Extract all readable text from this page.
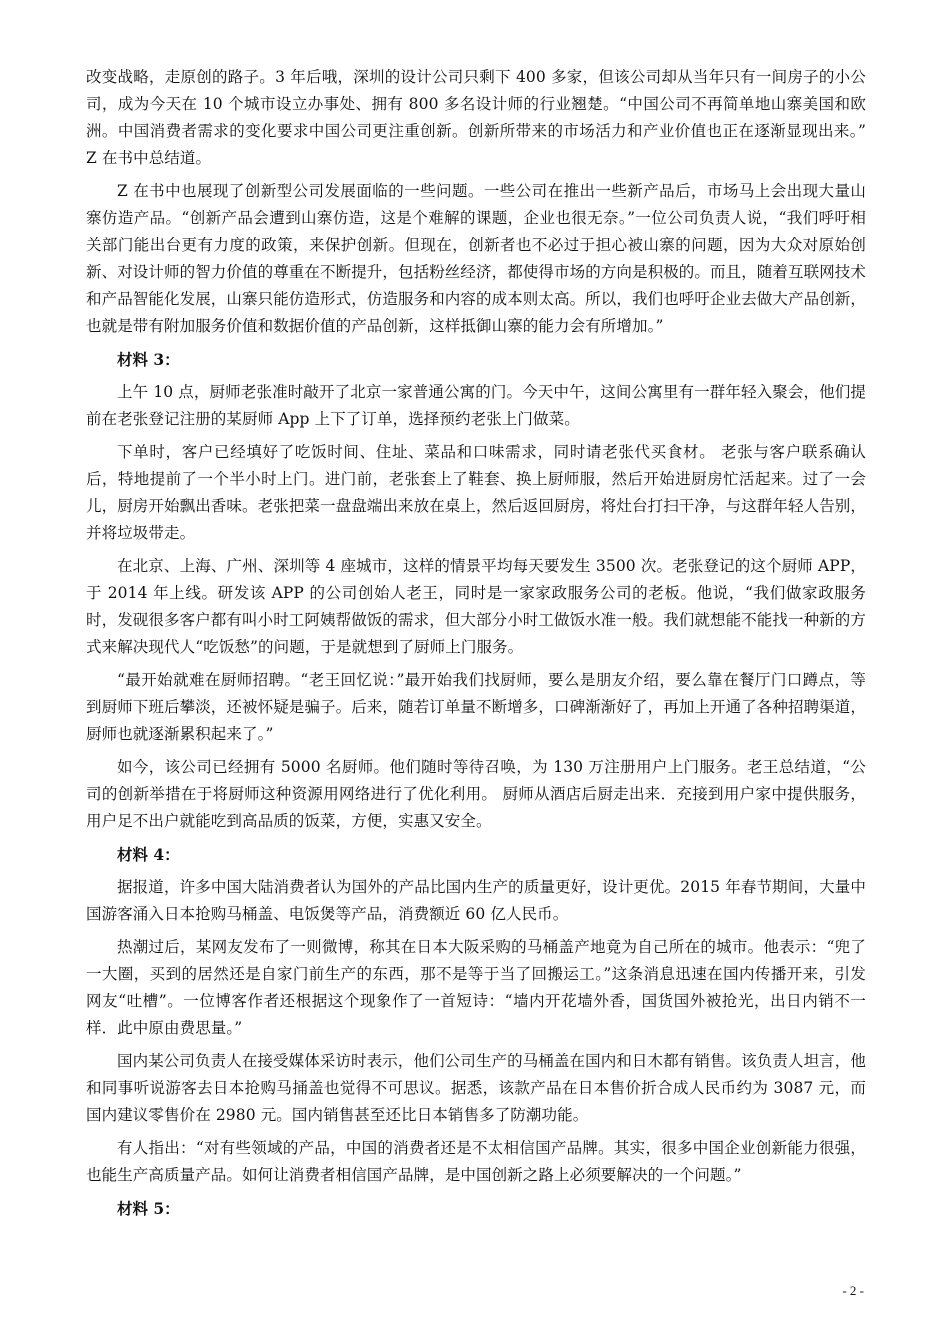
改变战略，走原创的路子。3 年后哦，深圳的设计公司只剩下 400 多家，但该公司却从当年只有一间房子的小公司，成为今天在 10 个城市设立办事处、拥有 800 多名设计师的行业翘楚。“中国公司不再简单地山寨美国和欧洲。中国消费者需求的变化要求中国公司更注重创新。创新所带来的市场活力和产业价值也正在逐渐显现出来。” Z 在书中总结道。

Z 在书中也展现了创新型公司发展面临的一些问题。一些公司在推出一些新产品后，市场马上会出现大量山寨仿造产品。“创新产品会遭到山寨仿造，这是个难解的课题，企业也很无奈。”一位公司负责人说，“我们呼吁相关部门能出台更有力度的政策，来保护创新。但现在，创新者也不必过于担心被山寨的问题，因为大众对原始创新、对设计师的智力价值的尊重在不断提升，包括粉丝经济，都使得市场的方向是积极的。而且，随着互联网技术和产品智能化发展，山寨只能仿造形式，仿造服务和内容的成本则太高。所以，我们也呼吁企业去做大产品创新，也就是带有附加服务价值和数据价值的产品创新，这样抵御山寨的能力会有所增加。”

材料 3：

上午 10 点，厨师老张准时敲开了北京一家普通公寓的门。今天中午，这间公寓里有一群年轻入聚会，他们提前在老张登记注册的某厨师 App 上下了订单，选择预约老张上门做菜。

下单时，客户已经填好了吃饭时间、住址、菜品和口味需求，同时请老张代买食材。 老张与客户联系确认后，特地提前了一个半小时上门。进门前，老张套上了鞋套、换上厨师服，然后开始进厨房忙活起来。过了一会儿，厨房开始飘出香味。老张把菜一盘盘端出来放在桌上，然后返回厨房，将灶台打扫干净，与这群年轻人告别，并将垃圾带走。

在北京、上海、广州、深圳等 4 座城市，这样的情景平均每天要发生 3500 次。老张登记的这个厨师 APP，于 2014 年上线。研发该 APP 的公司创始人老王，同时是一家家政服务公司的老板。他说，“我们做家政服务时，发砚很多客户都有叫小时工阿姨帮做饭的需求，但大部分小时工做饭水准一般。我们就想能不能找一种新的方式来解决现代人“吃饭愁”的问题，于是就想到了厨师上门服务。

“最开始就难在厨师招聘。“老王回忆说：”最开始我们找厨师，要么是朋友介绍，要么靠在餐厅门口蹲点，等到厨师下班后攀淡，还被怀疑是骗子。后来，随若订单量不断增多，口碑渐渐好了，再加上开通了各种招聘渠道，厨师也就逐渐累积起来了。”

如今，该公司已经拥有 5000 名厨师。他们随时等待召唤，为 130 万注册用户上门服务。老王总结道，“公司的创新举措在于将厨师这种资源用网络进行了优化利用。 厨师从酒店后厨走出来．充接到用户家中提供服务，用户足不出户就能吃到高品质的饭菜，方便，实惠又安全。

材料 4：

据报道，许多中国大陆消费者认为国外的产品比国内生产的质量更好，设计更优。2015 年春节期间，大量中国游客涌入日本抢购马桶盖、电饭煲等产品，消费额近 60 亿人民币。

热潮过后，某网友发布了一则微博，称其在日本大阪采购的马桶盖产地竟为自己所在的城市。他表示：“兜了一大圈，买到的居然还是自家门前生产的东西，那不是等于当了回搬运工。”这条消息迅速在国内传播开来，引发网友“吐槽”。一位博客作者还根据这个现象作了一首短诗：“墙内开花墙外香，国货国外被抢光，出日内销不一样．此中原由费思量。”

国内某公司负责人在接受媒体采访时表示，他们公司生产的马桶盖在国内和日木都有销售。该负责人坦言，他和同事听说游客去日本抢购马捅盖也觉得不可思议。据悉，该款产品在日本售价折合成人民币约为 3087 元，而国内建议零售价在 2980 元。国内销售甚至还比日本销售多了防潮功能。

有人指出：“对有些领域的产品，中国的消费者还是不太相信国产品牌。其实，很多中国企业创新能力很强，也能生产高质量产品。如何让消费者相信国产品牌，是中国创新之路上必须要解决的一个问题。”

材料 5：
- 2 -
